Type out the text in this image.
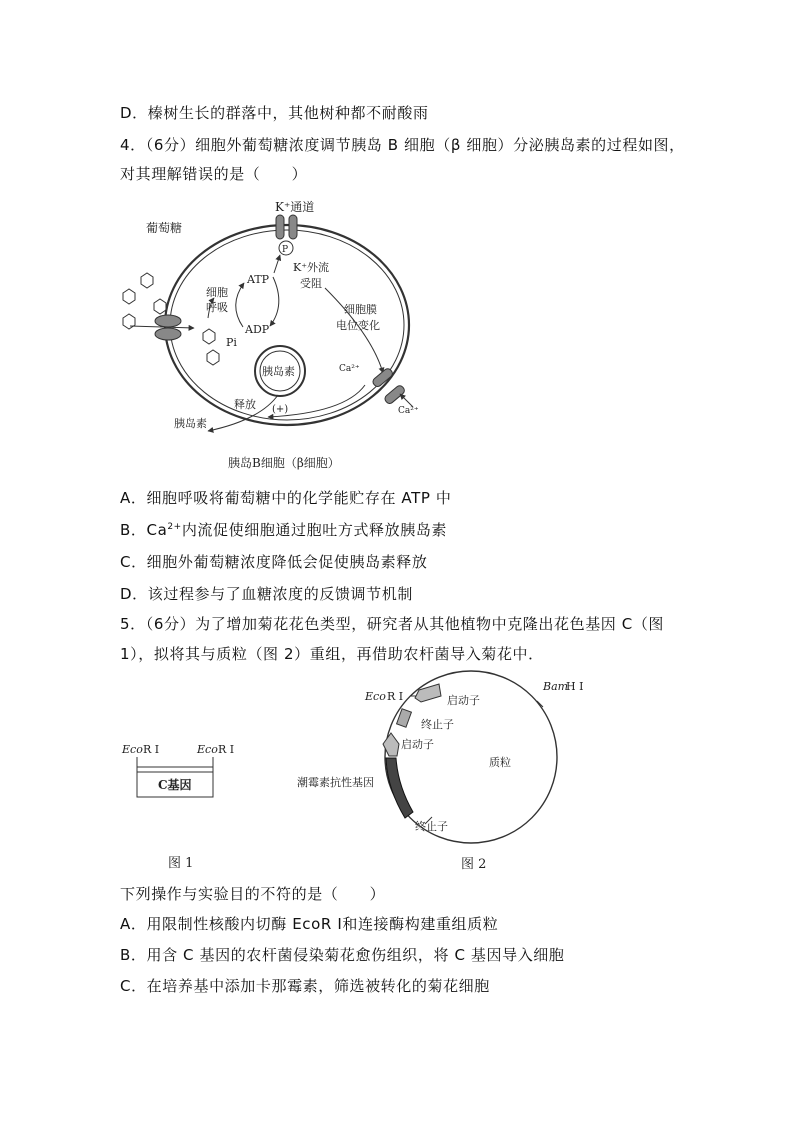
D．榛树生长的群落中，其他树种都不耐酸雨
4．（6分）细胞外葡萄糖浓度调节胰岛 B 细胞（β 细胞）分泌胰岛素的过程如图，
对其理解错误的是（　　）
K⁺通道
P
葡萄糖
细胞
呼吸
ATP
ADP
Pi
K⁺外流
受阻
细胞膜
电位变化
胰岛素	Ca²⁺
Ca²⁺
释放 (+)
胰岛素
胰岛B细胞（β细胞）
A．细胞呼吸将葡萄糖中的化学能贮存在 ATP 中
B．$Ca^{2+}$内流促使细胞通过胞吐方式释放胰岛素
C．细胞外葡萄糖浓度降低会促使胰岛素释放
D．该过程参与了血糖浓度的反馈调节机制
5．（6分）为了增加菊花花色类型，研究者从其他植物中克隆出花色基因 C（图
1），拟将其与质粒（图 2）重组，再借助农杆菌导入菊花中．
Eco R Ⅰ	Eco R Ⅰ
C基因
图 1
Eco R Ⅰ
Bam
H Ⅰ
启动子
终止子
启动子
潮霉素抗性基因
质粒
终止子
图 2
下列操作与实验目的不符的是（　　）
A．用限制性核酸内切酶 EcoR Ⅰ和连接酶构建重组质粒
B．用含 C 基因的农杆菌侵染菊花愈伤组织，将 C 基因导入细胞
C．在培养基中添加卡那霉素，筛选被转化的菊花细胞
